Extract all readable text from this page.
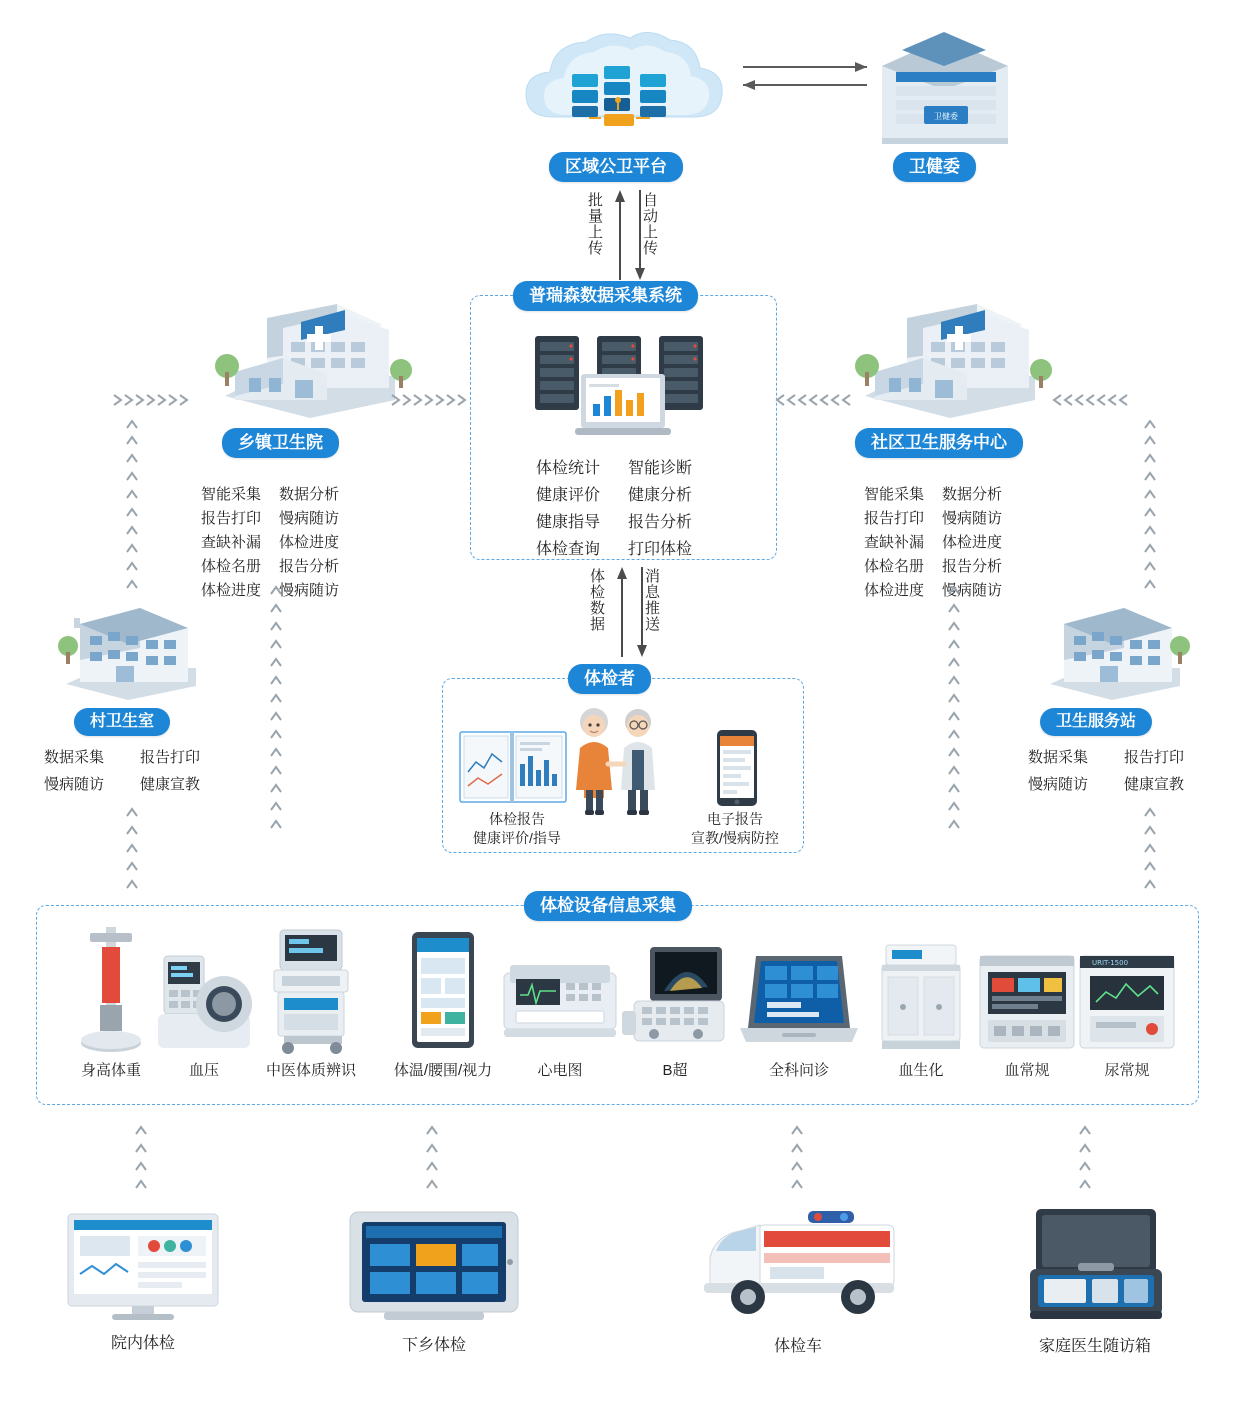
区域公卫平台
卫健委
卫健委
批量上传	自动上传
普瑞森数据采集系统
体检统计	智能诊断
健康评价	健康分析
健康指导	报告分析
体检查询	打印体检
乡镇卫生院
智能采集	数据分析
报告打印	慢病随访
查缺补漏	体检进度
体检名册	报告分析
体检进度	慢病随访
社区卫生服务中心
智能采集	数据分析
报告打印	慢病随访
查缺补漏	体检进度
体检名册	报告分析
体检进度	慢病随访
体检数据	消息推送
体检者
体检报告
健康评价/指导
电子报告
宣教/慢病防控
村卫生室
数据采集	报告打印
慢病随访	健康宣教
卫生服务站
数据采集	报告打印
慢病随访	健康宣教
体检设备信息采集
身高体重	血压	中医体质辨识	体温/腰围/视力	心电图	B超	全科问诊	血生化	血常规
URIT-1500
尿常规
院内体检	下乡体检	体检车	家庭医生随访箱
